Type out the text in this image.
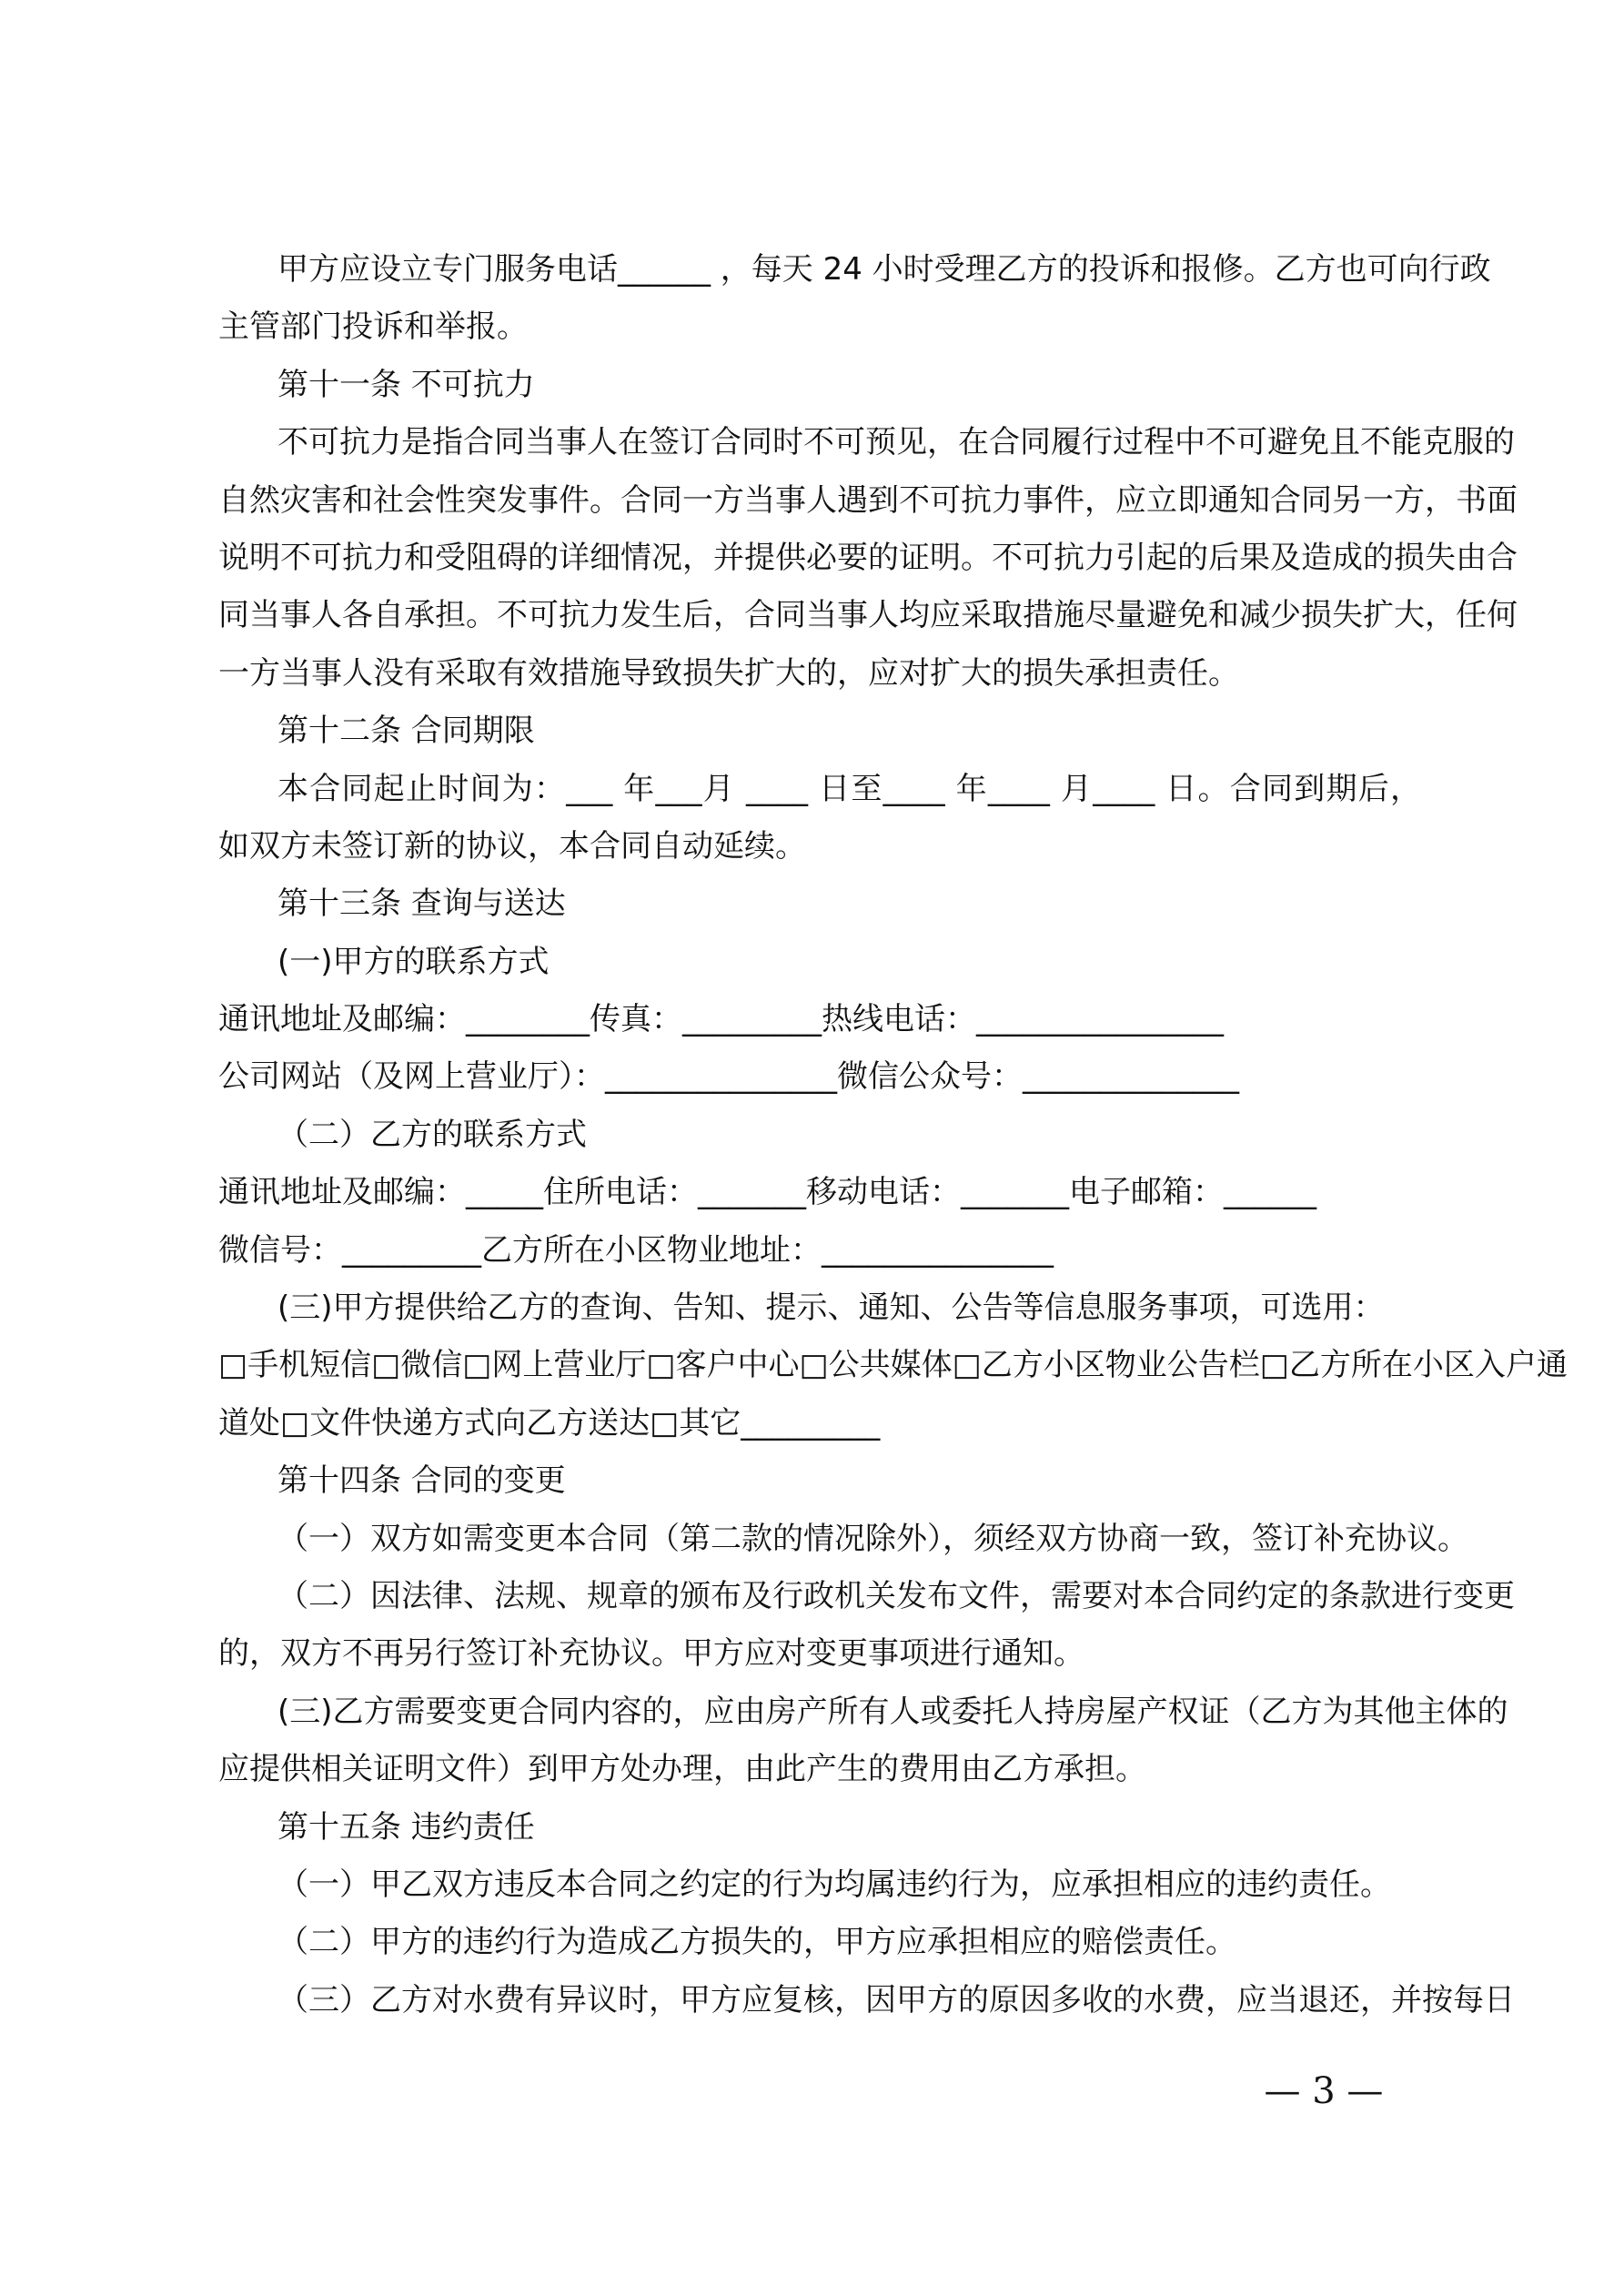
甲方应设立专门服务电话______ ，每天 24 小时受理乙方的投诉和报修。乙方也可向行政
主管部门投诉和举报。
第十一条 不可抗力
不可抗力是指合同当事人在签订合同时不可预见，在合同履行过程中不可避免且不能克服的
自然灾害和社会性突发事件。合同一方当事人遇到不可抗力事件，应立即通知合同另一方，书面
说明不可抗力和受阻碍的详细情况，并提供必要的证明。不可抗力引起的后果及造成的损失由合
同当事人各自承担。不可抗力发生后，合同当事人均应采取措施尽量避免和减少损失扩大，任何
一方当事人没有采取有效措施导致损失扩大的，应对扩大的损失承担责任。
第十二条 合同期限
本合同起止时间为：___ 年___月 ____ 日至____ 年____ 月____ 日。合同到期后，
如双方未签订新的协议，本合同自动延续。
第十三条 查询与送达
(一)甲方的联系方式
通讯地址及邮编：________传真：_________热线电话：________________
公司网站（及网上营业厅）：_______________微信公众号：______________
（二）乙方的联系方式
通讯地址及邮编：_____住所电话：_______移动电话：_______电子邮箱：______
微信号：_________乙方所在小区物业地址：_______________
(三)甲方提供给乙方的查询、告知、提示、通知、公告等信息服务事项，可选用：
□手机短信□微信□网上营业厅□客户中心□公共媒体□乙方小区物业公告栏□乙方所在小区入户通
道处□文件快递方式向乙方送达□其它_________
第十四条 合同的变更
（一）双方如需变更本合同（第二款的情况除外），须经双方协商一致，签订补充协议。
（二）因法律、法规、规章的颁布及行政机关发布文件，需要对本合同约定的条款进行变更
的，双方不再另行签订补充协议。甲方应对变更事项进行通知。
(三)乙方需要变更合同内容的，应由房产所有人或委托人持房屋产权证（乙方为其他主体的
应提供相关证明文件）到甲方处办理，由此产生的费用由乙方承担。
第十五条 违约责任
（一）甲乙双方违反本合同之约定的行为均属违约行为，应承担相应的违约责任。
（二）甲方的违约行为造成乙方损失的，甲方应承担相应的赔偿责任。
（三）乙方对水费有异议时，甲方应复核，因甲方的原因多收的水费，应当退还，并按每日
— 3 —
